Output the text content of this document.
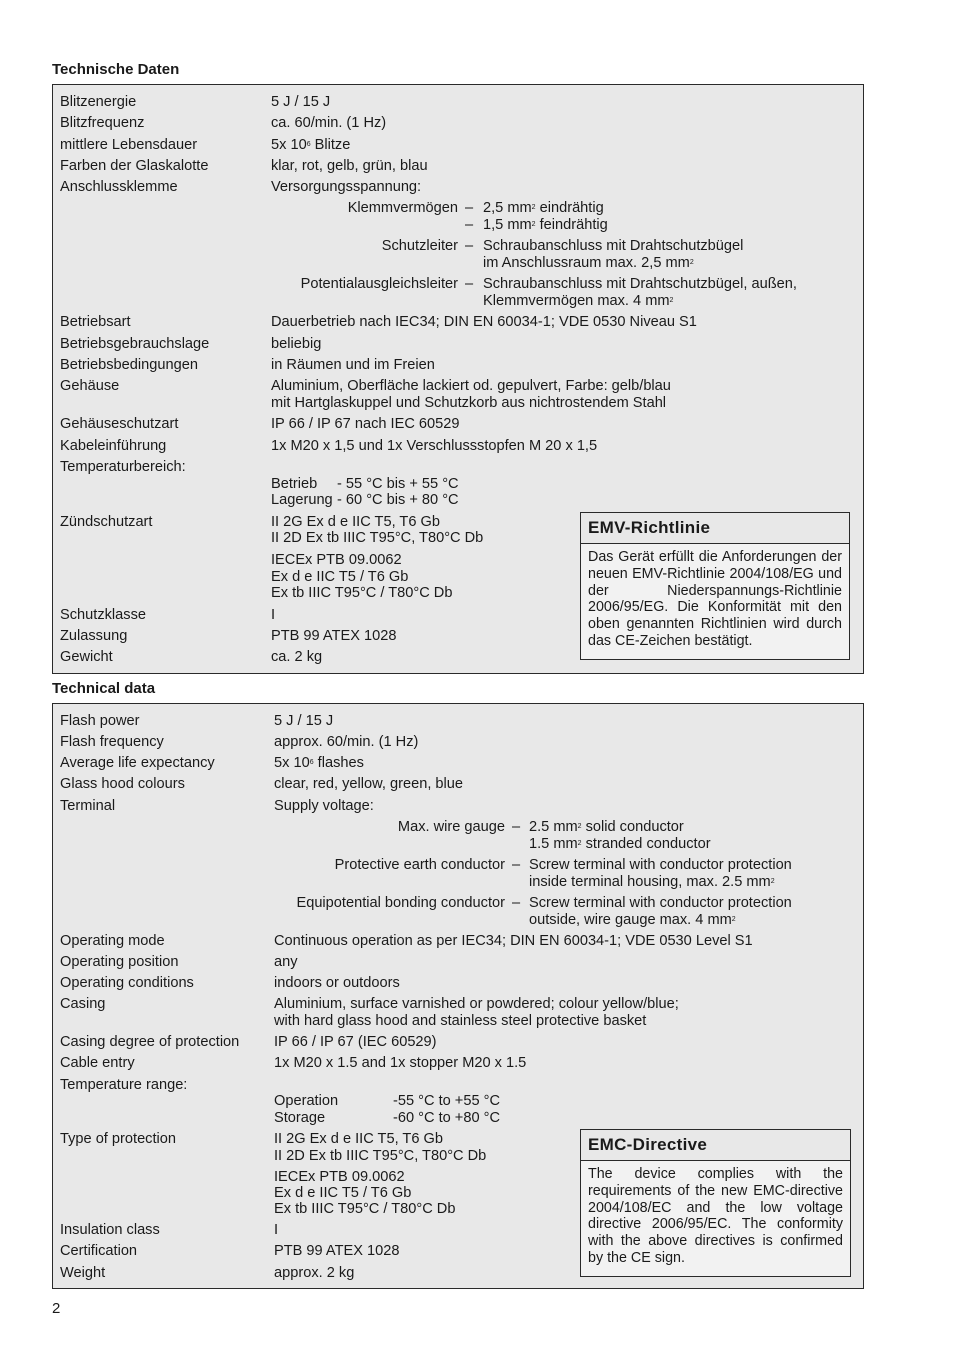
Technische Daten
Blitzenergie	5 J / 15 J
Blitzfrequenz	ca. 60/min. (1 Hz)
mittlere Lebensdauer	5x $10^6$ Blitze
Farben der Glaskalotte	klar, rot, gelb, grün, blau
Anschlussklemme	Versorgungsspannung:
Klemmvermögen – 2,5 $mm^2$ eindrähtig
– 1,5 $mm^2$ feindrähtig
Schutzleiter – Schraubanschluss mit Drahtschutzbügel
im Anschlussraum max. 2,5 $mm^2$
Potentialausgleichsleiter – Schraubanschluss mit Drahtschutzbügel, außen,
Klemmvermögen max. 4 $mm^2$
Betriebsart	Dauerbetrieb nach IEC34; DIN EN 60034-1; VDE 0530 Niveau S1
Betriebsgebrauchslage	beliebig
Betriebsbedingungen	in Räumen und im Freien
Gehäuse	Aluminium, Oberfläche lackiert od. gepulvert, Farbe: gelb/blau
mit Hartglaskuppel und Schutzkorb aus nichtrostendem Stahl
Gehäuseschutzart	IP 66 / IP 67 nach IEC 60529
Kabeleinführung	1x M20 x 1,5 und 1x Verschlussstopfen M 20 x 1,5
Temperaturbereich:
Betrieb - 55 °C bis + 55 °C
Lagerung - 60 °C bis + 80 °C
Zündschutzart	II 2G Ex d e IIC T5, T6 Gb
II 2D Ex tb IIIC T95°C, T80°C Db
IECEx PTB 09.0062
Ex d e IIC T5 / T6 Gb
Ex tb IIIC T95°C / T80°C Db
Schutzklasse	I
Zulassung	PTB 99 ATEX 1028
Gewicht	ca. 2 kg
EMV-Richtlinie
Das Gerät erfüllt die Anforderungen der neuen EMV-Richtlinie 2004/108/EG und der Niederspannungs-Richtlinie 2006/95/EG. Die Konformität mit den oben genannten Richtlinien wird durch das CE-Zeichen bestätigt.
Technical data
Flash power	5 J / 15 J
Flash frequency	approx. 60/min. (1 Hz)
Average life expectancy	5x $10^6$ flashes
Glass hood colours	clear, red, yellow, green, blue
Terminal	Supply voltage:
Max. wire gauge – 2.5 $mm^2$ solid conductor
1.5 $mm^2$ stranded conductor
Protective earth conductor – Screw terminal with conductor protection
inside terminal housing, max. 2.5 $mm^2$
Equipotential bonding conductor – Screw terminal with conductor protection
outside, wire gauge max. 4 $mm^2$
Operating mode	Continuous operation as per IEC34; DIN EN 60034-1; VDE 0530 Level S1
Operating position	any
Operating conditions	indoors or outdoors
Casing	Aluminium, surface varnished or powdered; colour yellow/blue;
with hard glass hood and stainless steel protective basket
Casing degree of protection IP 66 / IP 67 (IEC 60529)
Cable entry	1x M20 x 1.5 and 1x stopper M20 x 1.5
Temperature range:
Operation	-55 °C to +55 °C
Storage	-60 °C to +80 °C
Type of protection	II 2G Ex d e IIC T5, T6 Gb
II 2D Ex tb IIIC T95°C, T80°C Db
IECEx PTB 09.0062
Ex d e IIC T5 / T6 Gb
Ex tb IIIC T95°C / T80°C Db
Insulation class	I
Certification	PTB 99 ATEX 1028
Weight	approx. 2 kg
EMC-Directive
The device complies with the requirements of the new EMC-directive 2004/108/EC and the low voltage directive 2006/95/EC. The conformity with the above directives is confirmed by the CE sign.
2
